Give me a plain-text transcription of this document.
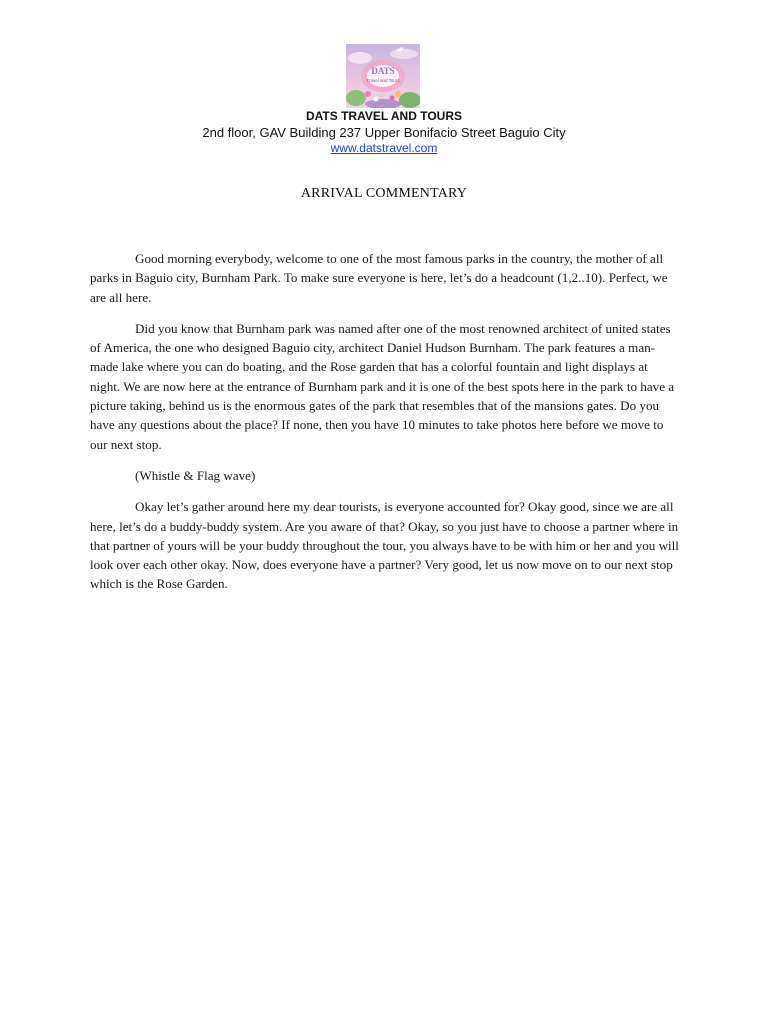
DATS
Travel and Tours
DATS TRAVEL AND TOURS
2nd floor, GAV Building 237 Upper Bonifacio Street Baguio City
www.datstravel.com
ARRIVAL COMMENTARY

Good morning everybody, welcome to one of the most famous parks in the country, the mother of all parks in Baguio city, Burnham Park. To make sure everyone is here, let’s do a headcount (1,2..10). Perfect, we are all here.

Did you know that Burnham park was named after one of the most renowned architect of united states of America, the one who designed Baguio city, architect Daniel Hudson Burnham. The park features a man-made lake where you can do boating, and the Rose garden that has a colorful fountain and light displays at night. We are now here at the entrance of Burnham park and it is one of the best spots here in the park to have a picture taking, behind us is the enormous gates of the park that resembles that of the mansions gates. Do you have any questions about the place? If none, then you have 10 minutes to take photos here before we move to our next stop.

(Whistle & Flag wave)

Okay let’s gather around here my dear tourists, is everyone accounted for? Okay good, since we are all here, let’s do a buddy-buddy system. Are you aware of that? Okay, so you just have to choose a partner where in that partner of yours will be your buddy throughout the tour, you always have to be with him or her and you will look over each other okay. Now, does everyone have a partner? Very good, let us now move on to our next stop which is the Rose Garden.
